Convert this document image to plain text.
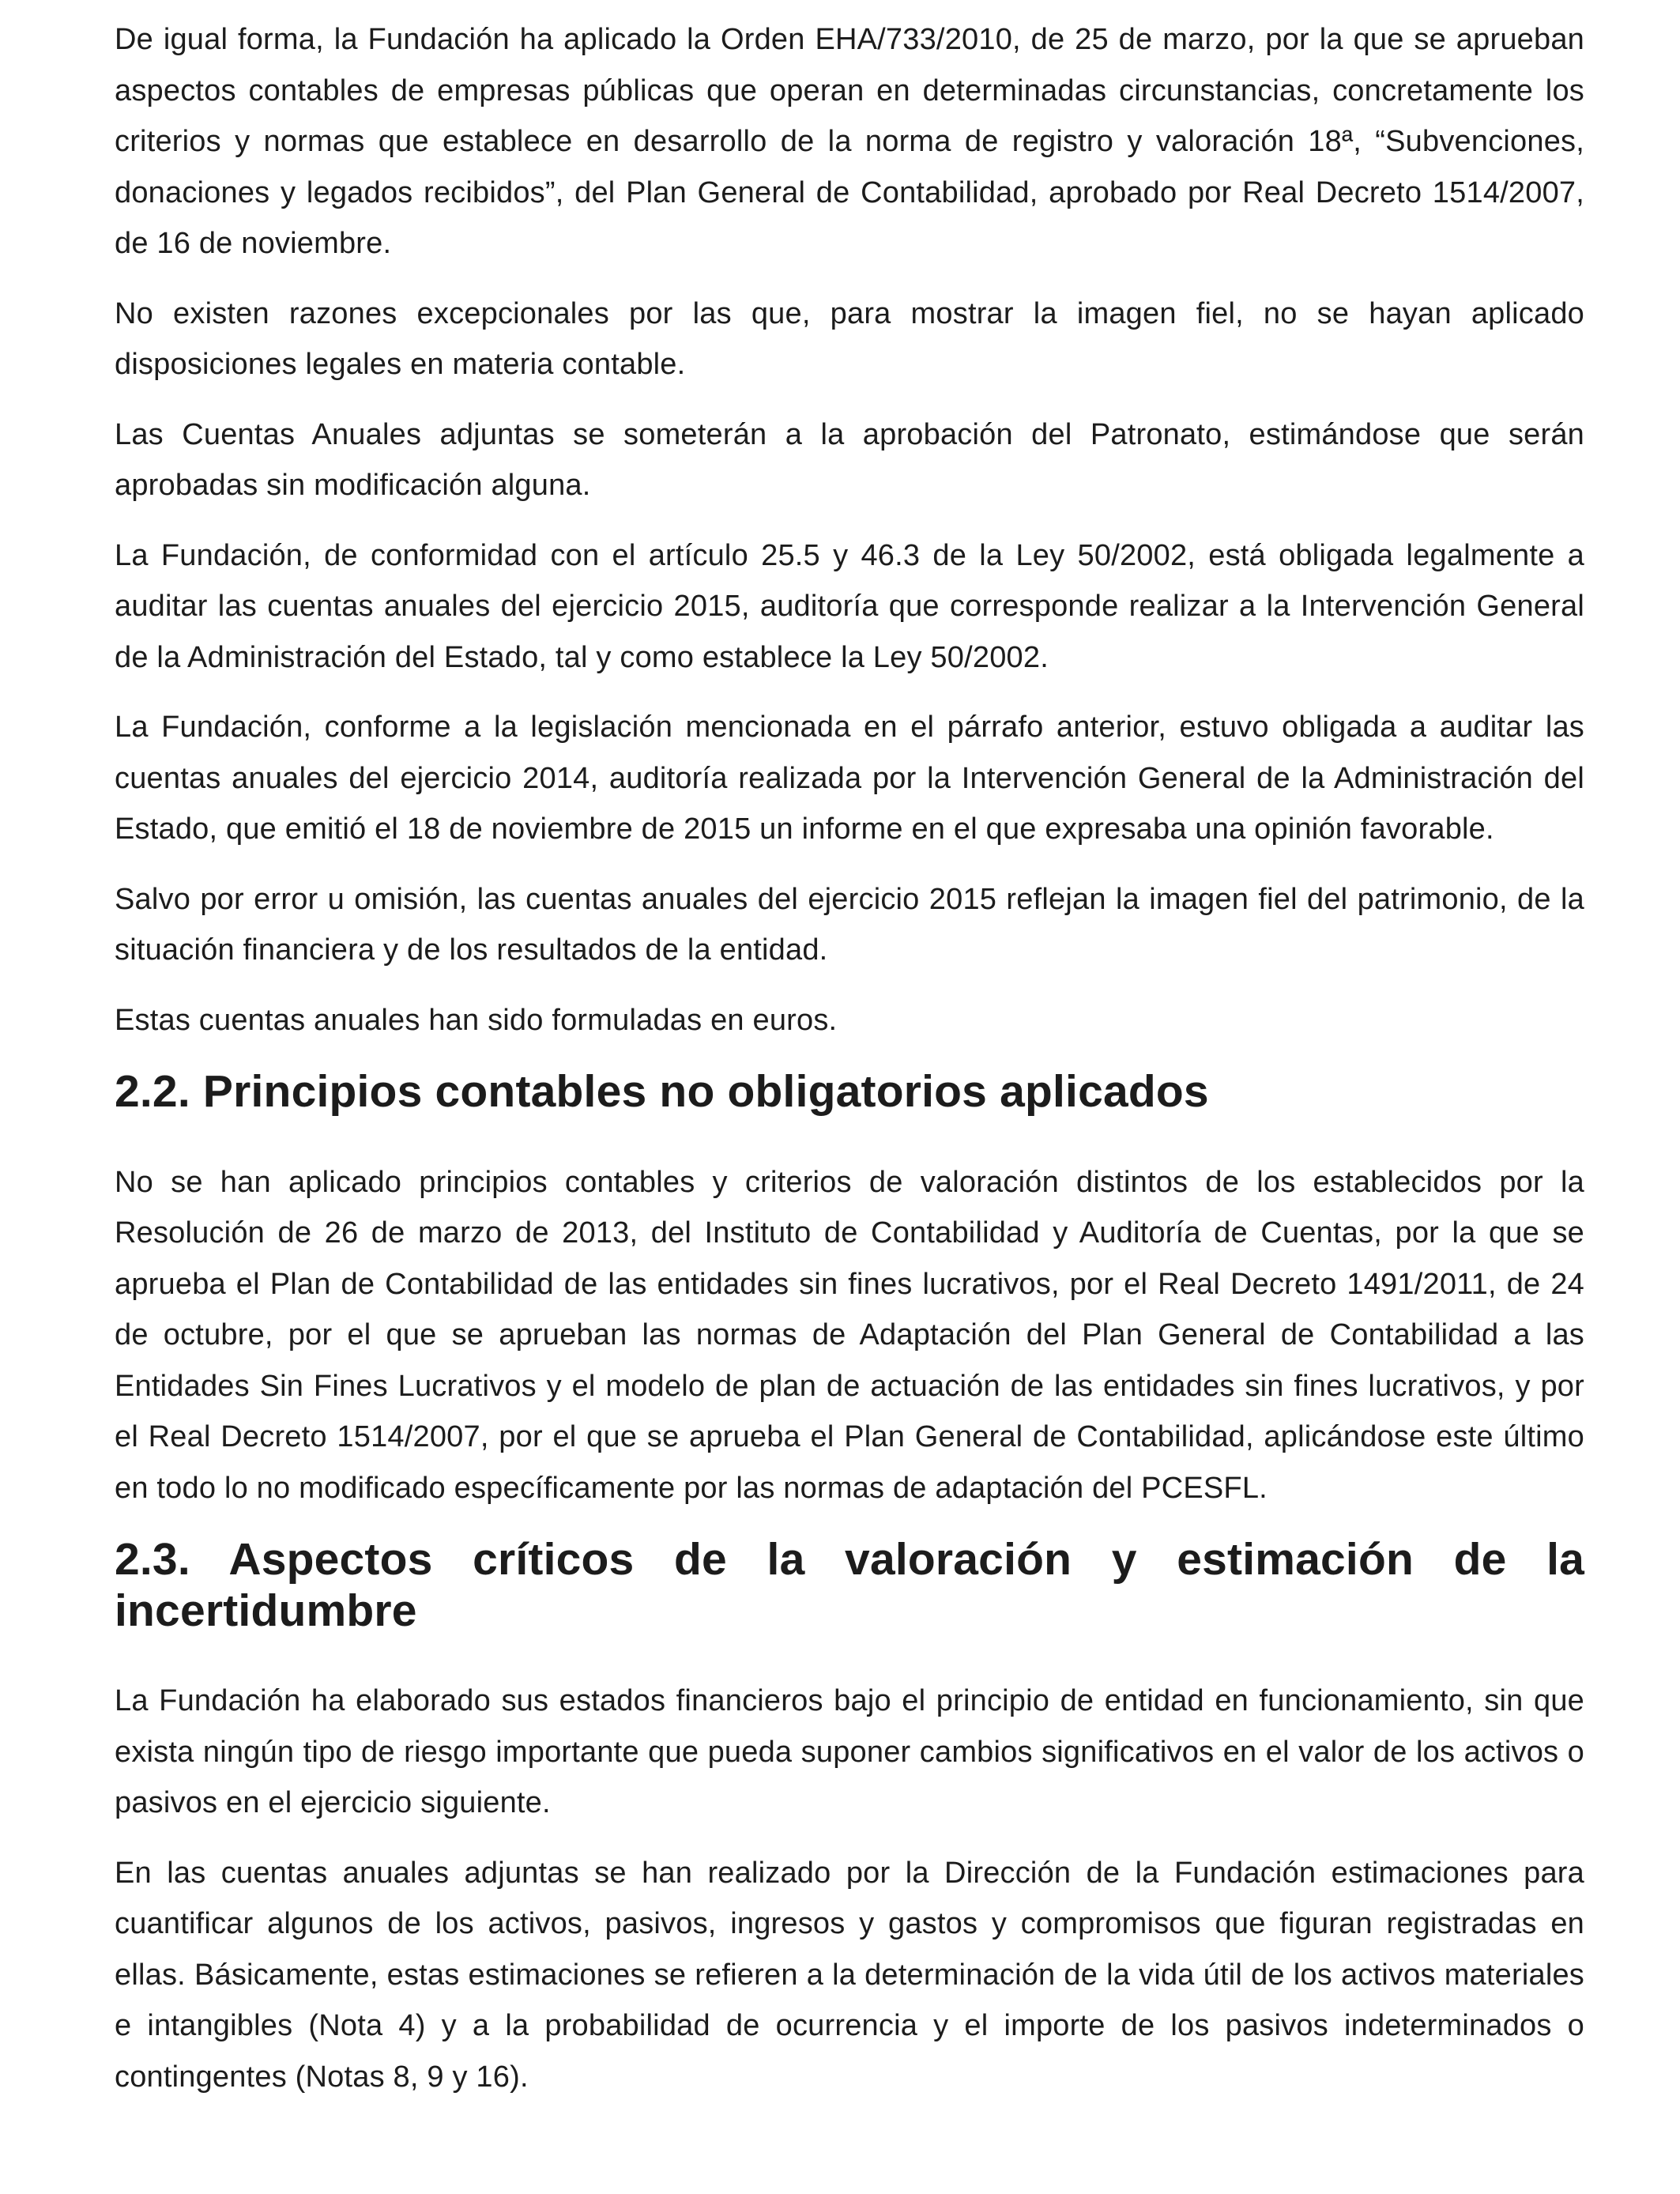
De igual forma, la Fundación ha aplicado la Orden EHA/733/2010, de 25 de marzo, por la que se aprueban aspectos contables de empresas públicas que operan en determinadas circunstancias, concretamente los criterios y normas que establece en desarrollo de la norma de registro y valoración 18ª, “Subvenciones, donaciones y legados recibidos”, del Plan General de Contabilidad, aprobado por Real Decreto 1514/2007, de 16 de noviembre.

No existen razones excepcionales por las que, para mostrar la imagen fiel, no se hayan aplicado disposiciones legales en materia contable.

Las Cuentas Anuales adjuntas se someterán a la aprobación del Patronato, estimándose que serán aprobadas sin modificación alguna.

La Fundación, de conformidad con el artículo 25.5 y 46.3 de la Ley 50/2002, está obligada legalmente a auditar las cuentas anuales del ejercicio 2015, auditoría que corresponde realizar a la Intervención General de la Administración del Estado, tal y como establece la Ley 50/2002.

La Fundación, conforme a la legislación mencionada en el párrafo anterior, estuvo obligada a auditar las cuentas anuales del ejercicio 2014, auditoría realizada por la Intervención General de la Administración del Estado, que emitió el 18 de noviembre de 2015 un informe en el que expresaba una opinión favorable.

Salvo por error u omisión, las cuentas anuales del ejercicio 2015 reflejan la imagen fiel del patrimonio, de la situación financiera y de los resultados de la entidad.

Estas cuentas anuales han sido formuladas en euros.

2.2. Principios contables no obligatorios aplicados

No se han aplicado principios contables y criterios de valoración distintos de los establecidos por la Resolución de 26 de marzo de 2013, del Instituto de Contabilidad y Auditoría de Cuentas, por la que se aprueba el Plan de Contabilidad de las entidades sin fines lucrativos, por el Real Decreto 1491/2011, de 24 de octubre, por el que se aprueban las normas de Adaptación del Plan General de Contabilidad a las Entidades Sin Fines Lucrativos y el modelo de plan de actuación de las entidades sin fines lucrativos, y por el Real Decreto 1514/2007, por el que se aprueba el Plan General de Contabilidad, aplicándose este último en todo lo no modificado específicamente por las normas de adaptación del PCESFL.

2.3. Aspectos críticos de la valoración y estimación de la incertidumbre

La Fundación ha elaborado sus estados financieros bajo el principio de entidad en funcionamiento, sin que exista ningún tipo de riesgo importante que pueda suponer cambios significativos en el valor de los activos o pasivos en el ejercicio siguiente.

En las cuentas anuales adjuntas se han realizado por la Dirección de la Fundación estimaciones para cuantificar algunos de los activos, pasivos, ingresos y gastos y compromisos que figuran registradas en ellas. Básicamente, estas estimaciones se refieren a la determinación de la vida útil de los activos materiales e intangibles (Nota 4) y a la probabilidad de ocurrencia y el importe de los pasivos indeterminados o contingentes (Notas 8, 9 y 16).
